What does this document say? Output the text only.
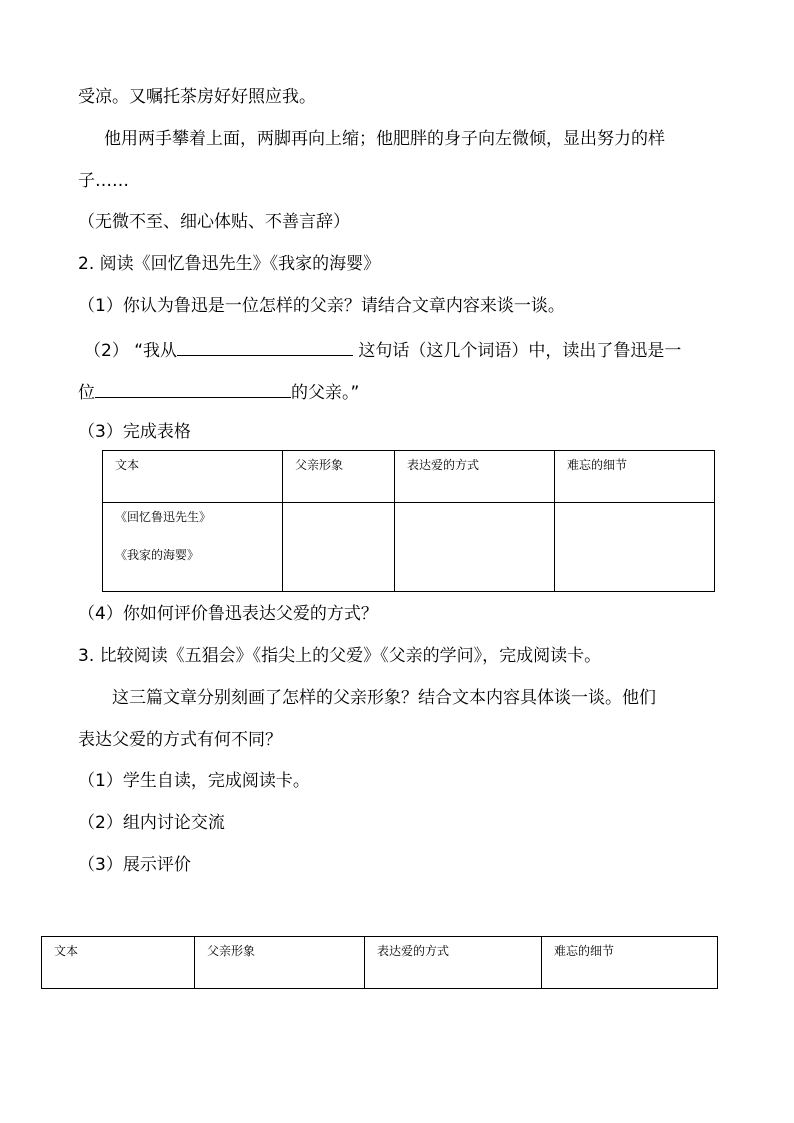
受凉。又嘱托茶房好好照应我。
他用两手攀着上面，两脚再向上缩；他肥胖的身子向左微倾，显出努力的样
子……
（无微不至、细心体贴、不善言辞）
2. 阅读《回忆鲁迅先生》《我家的海婴》
（1）你认为鲁迅是一位怎样的父亲？请结合文章内容来谈一谈。
（2） “我从	这句话（这几个词语）中，读出了鲁迅是一
位	的父亲。”
（3）完成表格
文本	父亲形象	表达爱的方式	难忘的细节

《回忆鲁迅先生》
《我家的海婴》			

（4）你如何评价鲁迅表达父爱的方式？
3. 比较阅读《五猖会》《指尖上的父爱》《父亲的学问》，完成阅读卡。
这三篇文章分别刻画了怎样的父亲形象？结合文本内容具体谈一谈。他们
表达父爱的方式有何不同？
（1）学生自读，完成阅读卡。
（2）组内讨论交流
（3）展示评价
文本	父亲形象	表达爱的方式	难忘的细节
